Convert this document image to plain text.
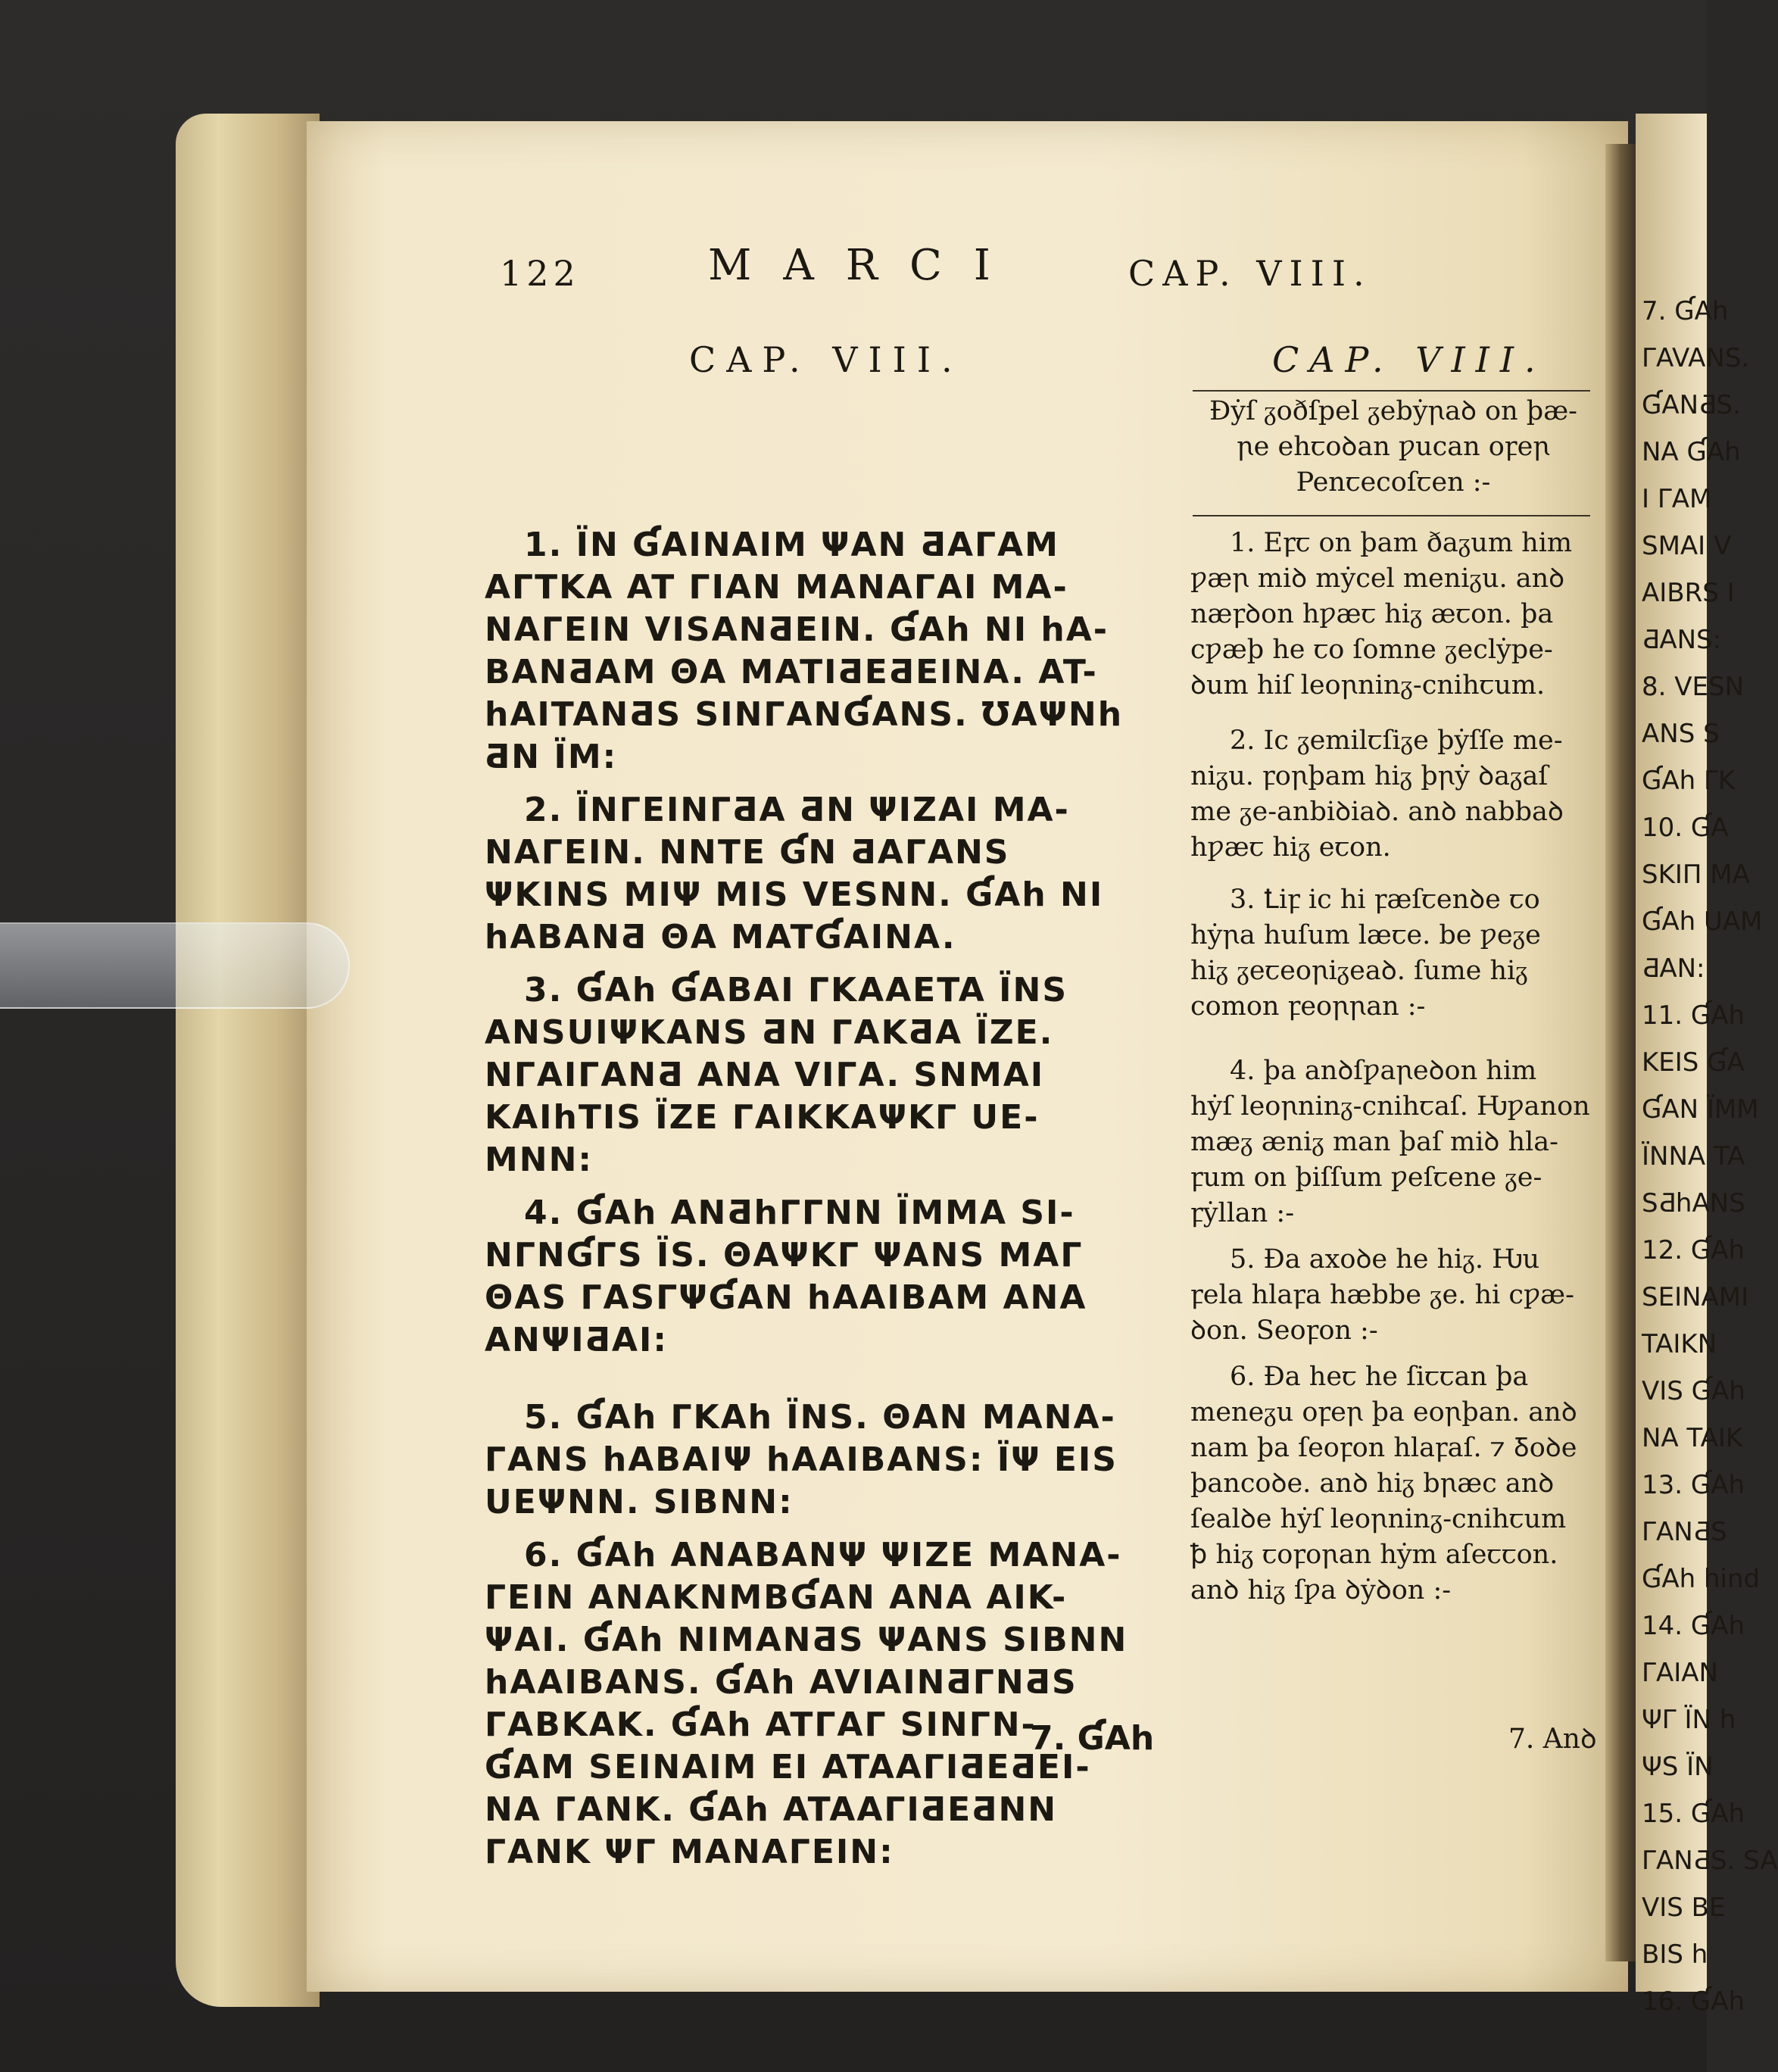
7. ƓAh
ΓAVANS.
ƓANƋS.
NA ƓAh
I ΓAM
SMAI V
AIBRS I
ƋANS:
8. VESN
ANS S
ƓAh ΓK
10. ƓA
SKIΠ MA
ƓAh UAM
ƋAN:
11. ƓAh
KEIS ƓA
ƓAN ÏMM
ÏNNA TA
SƋhANS
12. ƓAh
SEINAMI
TAIKN
VIS ƓAh
NA TAIK
13. ƓAh
ΓANƋS
ƓAh hind
14. ƓAh
ΓAIAN
ΨΓ ÏN h
ΨS ÏN
15. ƓAh
ΓANƋS. SA
VIS BE
BIS h
16. ƓAh
122	MARCI	CAP. VIII.
CAP. VIII.	CAP. VIII.
Ðẏſ ᵹoðſpel ᵹebẏꞃaꝺ on þæ-
ꞃe ehꞇoꝺan ƿucan oꝼeꞃ
Penꞇecoſꞇen :-

1. ÏN ƓAINAIM ΨAN ƋAΓAM

AΓTKA AT ΓIAN MANAΓAI MA-

NAΓEIN VISANƋEIN. ƓAh NI hA-

BANƋAM ΘA MATIƋEƋEINA. AT-

hAITANƋS SINΓANƓANS. ƱAΨNh

ƋN ÏM:

2. ÏNΓEINΓƋA ƋN ΨIZAI MA-

NAΓEIN. NNTE ƓN ƋAΓANS

ΨKINS MIΨ MIS VESNN. ƓAh NI

hABANƋ ΘA MATƓAINA.

3. ƓAh ƓABAI ΓKAAETA ÏNS

ANSUIΨKANS ƋN ΓAKƋA ÏZE.

NΓAIΓANƋ ANA VIΓA. SNMAI

KAIhTIS ÏZE ΓAIKKAΨKΓ UE-

MNN:

4. ƓAh ANƋhΓΓNN ÏMMA SI-

NΓNƓΓS ÏS. ΘAΨKΓ ΨANS MAΓ

ΘAS ΓASΓΨƓAN hAAIBAM ANA

ANΨIƋAI:

5. ƓAh ΓKAh ÏNS. ΘAN MANA-

ΓANS hABAIΨ hAAIBANS: ÏΨ EIS

UEΨNN. SIBNN:

6. ƓAh ANABANΨ ΨIZE MANA-

ΓEIN ANAKNMBƓAN ANA AIK-

ΨAI. ƓAh NIMANƋS ΨANS SIBNN

hAAIBANS. ƓAh AVIAINƋΓNƋS

ΓABKAK. ƓAh ATΓAΓ SINΓN-

ƓAM SEINAIM EI ATAAΓIƋEƋEI-

NA ΓANK. ƓAh ATAAΓIƋEƋNN

ΓANK ΨΓ MANAΓEIN:

1. Eꝼꞇ on þam ðaᵹum him

ƿæꞃ miꝺ mẏcel meniᵹu. anꝺ

næꝼꝺon hƿæꞇ hiᵹ æꞇon. þa

cƿæþ he ꞇo ſomne ᵹeclẏpe-

ꝺum hiſ leoꞃninᵹ-cnihꞇum.

2. Ic ᵹemilꞇſiᵹe þẏſſe me-

niᵹu. ꝼoꞃþam hiᵹ þꞃẏ ꝺaᵹaſ

me ᵹe-anbiꝺiaꝺ. anꝺ nabbaꝺ

hƿæꞇ hiᵹ eꞇon.

3. Ꝉiꝼ ic hi ꝼæſꞇenꝺe ꞇo

hẏꞃa huſum læꞇe. be ƿeᵹe

hiᵹ ᵹeꞇeoꞃiᵹeaꝺ. ſume hiᵹ

comon ꝼeoꞃꞃan :-

4. þa anꝺſƿaꞃeꝺon him

hẏſ leoꞃninᵹ-cnihꞇaſ. Ƕƿanon

mæᵹ æniᵹ man þaſ miꝺ hla-

ꝼum on þiſſum ƿeſꞇene ᵹe-

ꝼẏllan :-

5. Ða axoꝺe he hiᵹ. Ƕu

ꝼela hlaꝼa hæbbe ᵹe. hi cƿæ-

ꝺon. Seoꝼon :-

6. Ða heꞇ he ſiꞇꞇan þa

meneᵹu oꝼeꞃ þa eoꞃþan. anꝺ

nam þa ſeoꝼon hlaꝼaſ. ⁊ Ᵹoꝺe

þancoꝺe. anꝺ hiᵹ bꞃæc anꝺ

ſealꝺe hẏſ leoꞃninᵹ-cnihꞇum

ꝥ hiᵹ ꞇoꝼoꞃan hẏm aſeꞇꞇon.

anꝺ hiᵹ ſƿa ꝺẏꝺon :-

7. ƓAh	7. Anꝺ
